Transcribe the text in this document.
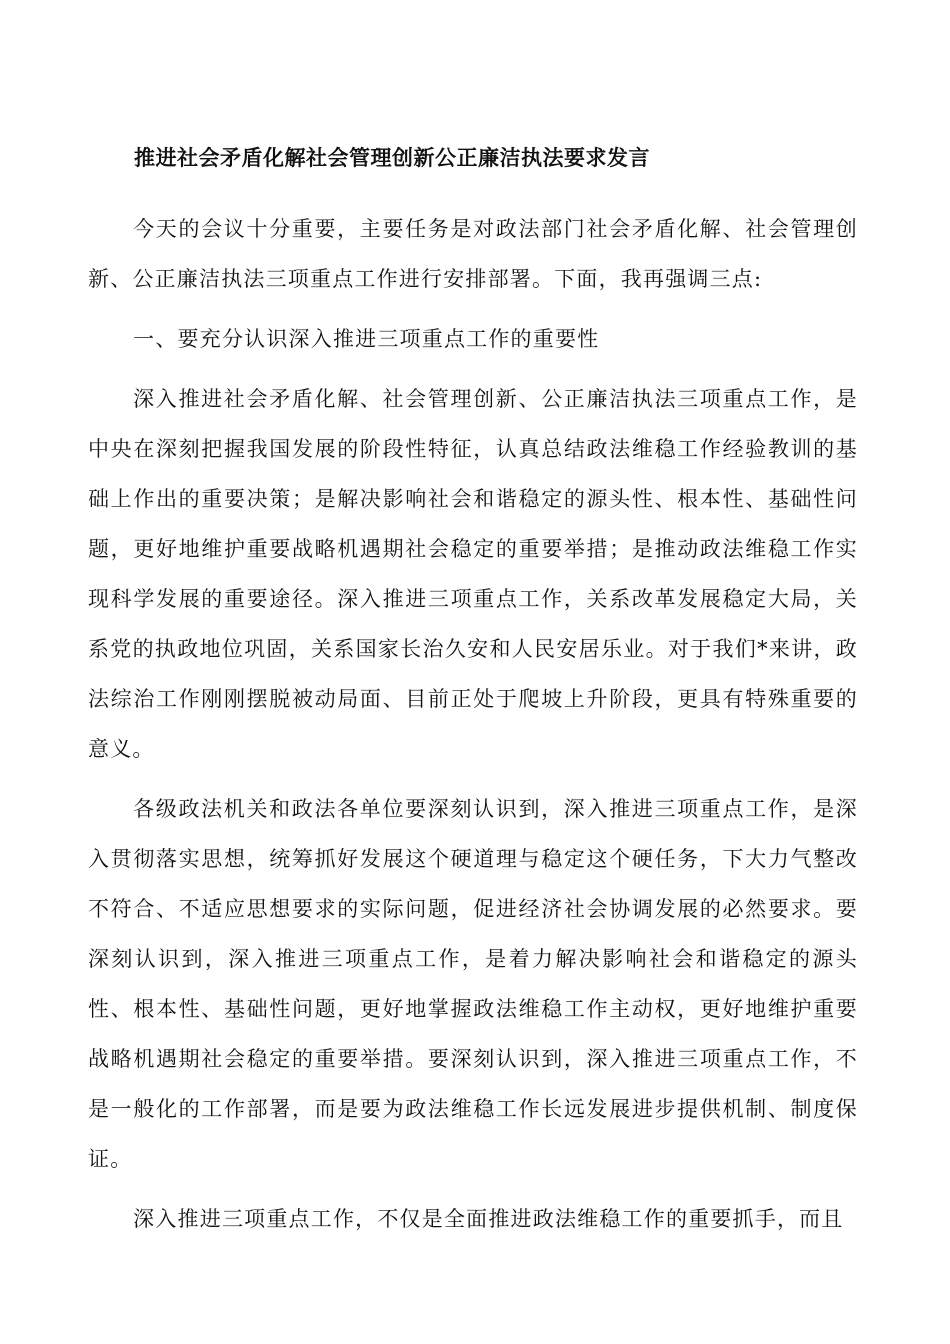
推进社会矛盾化解社会管理创新公正廉洁执法要求发言

今天的会议十分重要，主要任务是对政法部门社会矛盾化解、社会管理创新、公正廉洁执法三项重点工作进行安排部署。下面，我再强调三点:

一、要充分认识深入推进三项重点工作的重要性

深入推进社会矛盾化解、社会管理创新、公正廉洁执法三项重点工作，是中央在深刻把握我国发展的阶段性特征，认真总结政法维稳工作经验教训的基础上作出的重要决策；是解决影响社会和谐稳定的源头性、根本性、基础性问题，更好地维护重要战略机遇期社会稳定的重要举措；是推动政法维稳工作实现科学发展的重要途径。深入推进三项重点工作，关系改革发展稳定大局，关系党的执政地位巩固，关系国家长治久安和人民安居乐业。对于我们*来讲，政法综治工作刚刚摆脱被动局面、目前正处于爬坡上升阶段，更具有特殊重要的意义。

各级政法机关和政法各单位要深刻认识到，深入推进三项重点工作，是深入贯彻落实思想，统筹抓好发展这个硬道理与稳定这个硬任务，下大力气整改不符合、不适应思想要求的实际问题，促进经济社会协调发展的必然要求。要深刻认识到，深入推进三项重点工作，是着力解决影响社会和谐稳定的源头性、根本性、基础性问题，更好地掌握政法维稳工作主动权，更好地维护重要战略机遇期社会稳定的重要举措。要深刻认识到，深入推进三项重点工作，不是一般化的工作部署，而是要为政法维稳工作长远发展进步提供机制、制度保证。

深入推进三项重点工作，不仅是全面推进政法维稳工作的重要抓手，而且
